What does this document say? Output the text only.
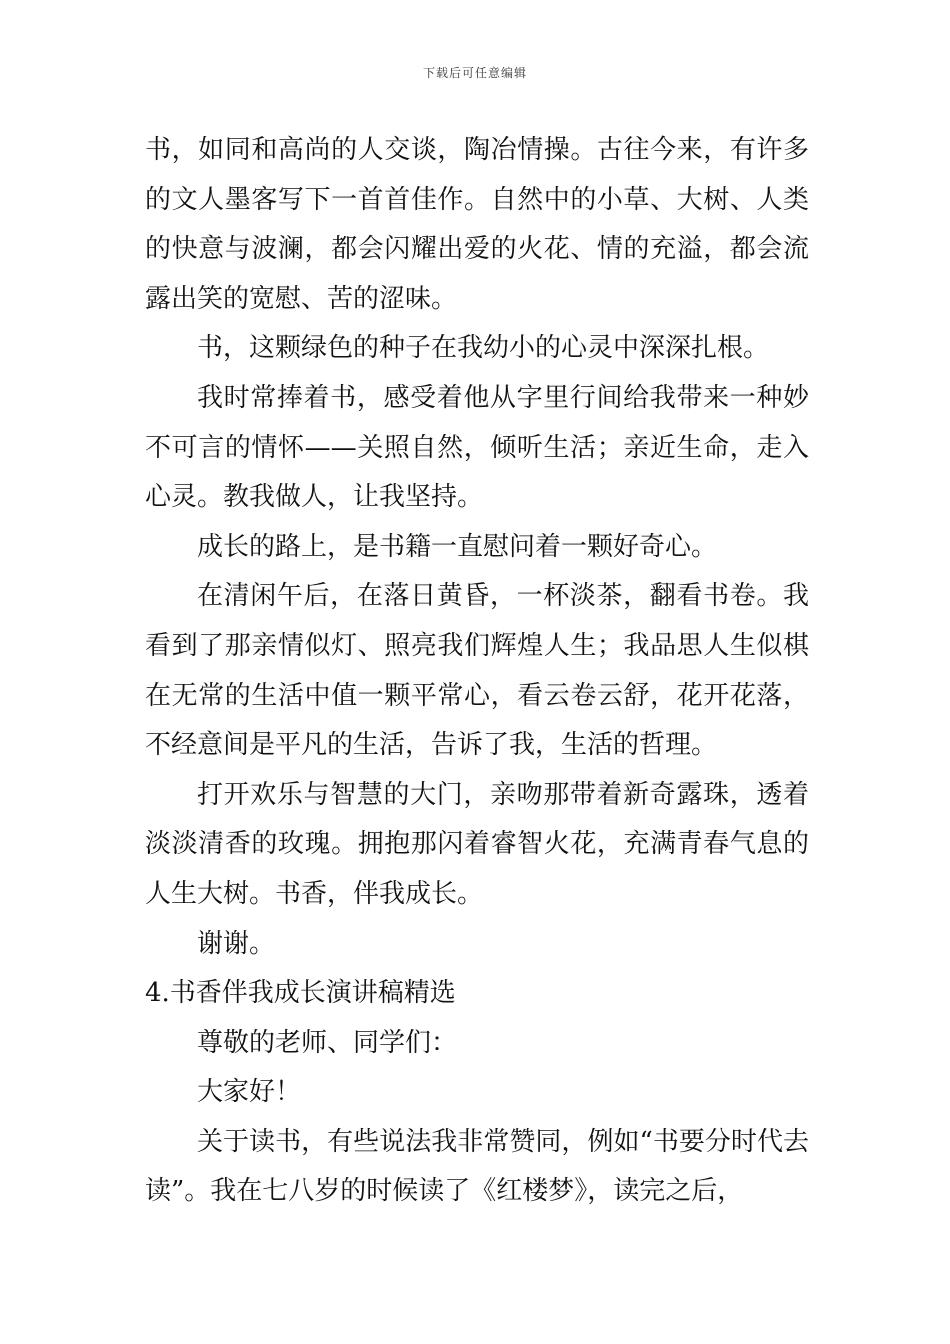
下载后可任意编辑

书，如同和高尚的人交谈，陶冶情操。古往今来，有许多的文人墨客写下一首首佳作。自然中的小草、大树、人类的快意与波澜，都会闪耀出爱的火花、情的充溢，都会流露出笑的宽慰、苦的涩味。

书，这颗绿色的种子在我幼小的心灵中深深扎根。

我时常捧着书，感受着他从字里行间给我带来一种妙不可言的情怀——关照自然，倾听生活；亲近生命，走入心灵。教我做人，让我坚持。

成长的路上，是书籍一直慰问着一颗好奇心。

在清闲午后，在落日黄昏，一杯淡茶，翻看书卷。我看到了那亲情似灯、照亮我们辉煌人生；我品思人生似棋在无常的生活中值一颗平常心，看云卷云舒，花开花落，不经意间是平凡的生活，告诉了我，生活的哲理。

打开欢乐与智慧的大门，亲吻那带着新奇露珠，透着淡淡清香的玫瑰。拥抱那闪着睿智火花，充满青春气息的人生大树。书香，伴我成长。

谢谢。

4.书香伴我成长演讲稿精选

尊敬的老师、同学们：

大家好！

关于读书，有些说法我非常赞同，例如“书要分时代去读”。我在七八岁的时候读了《红楼梦》，读完之后，
